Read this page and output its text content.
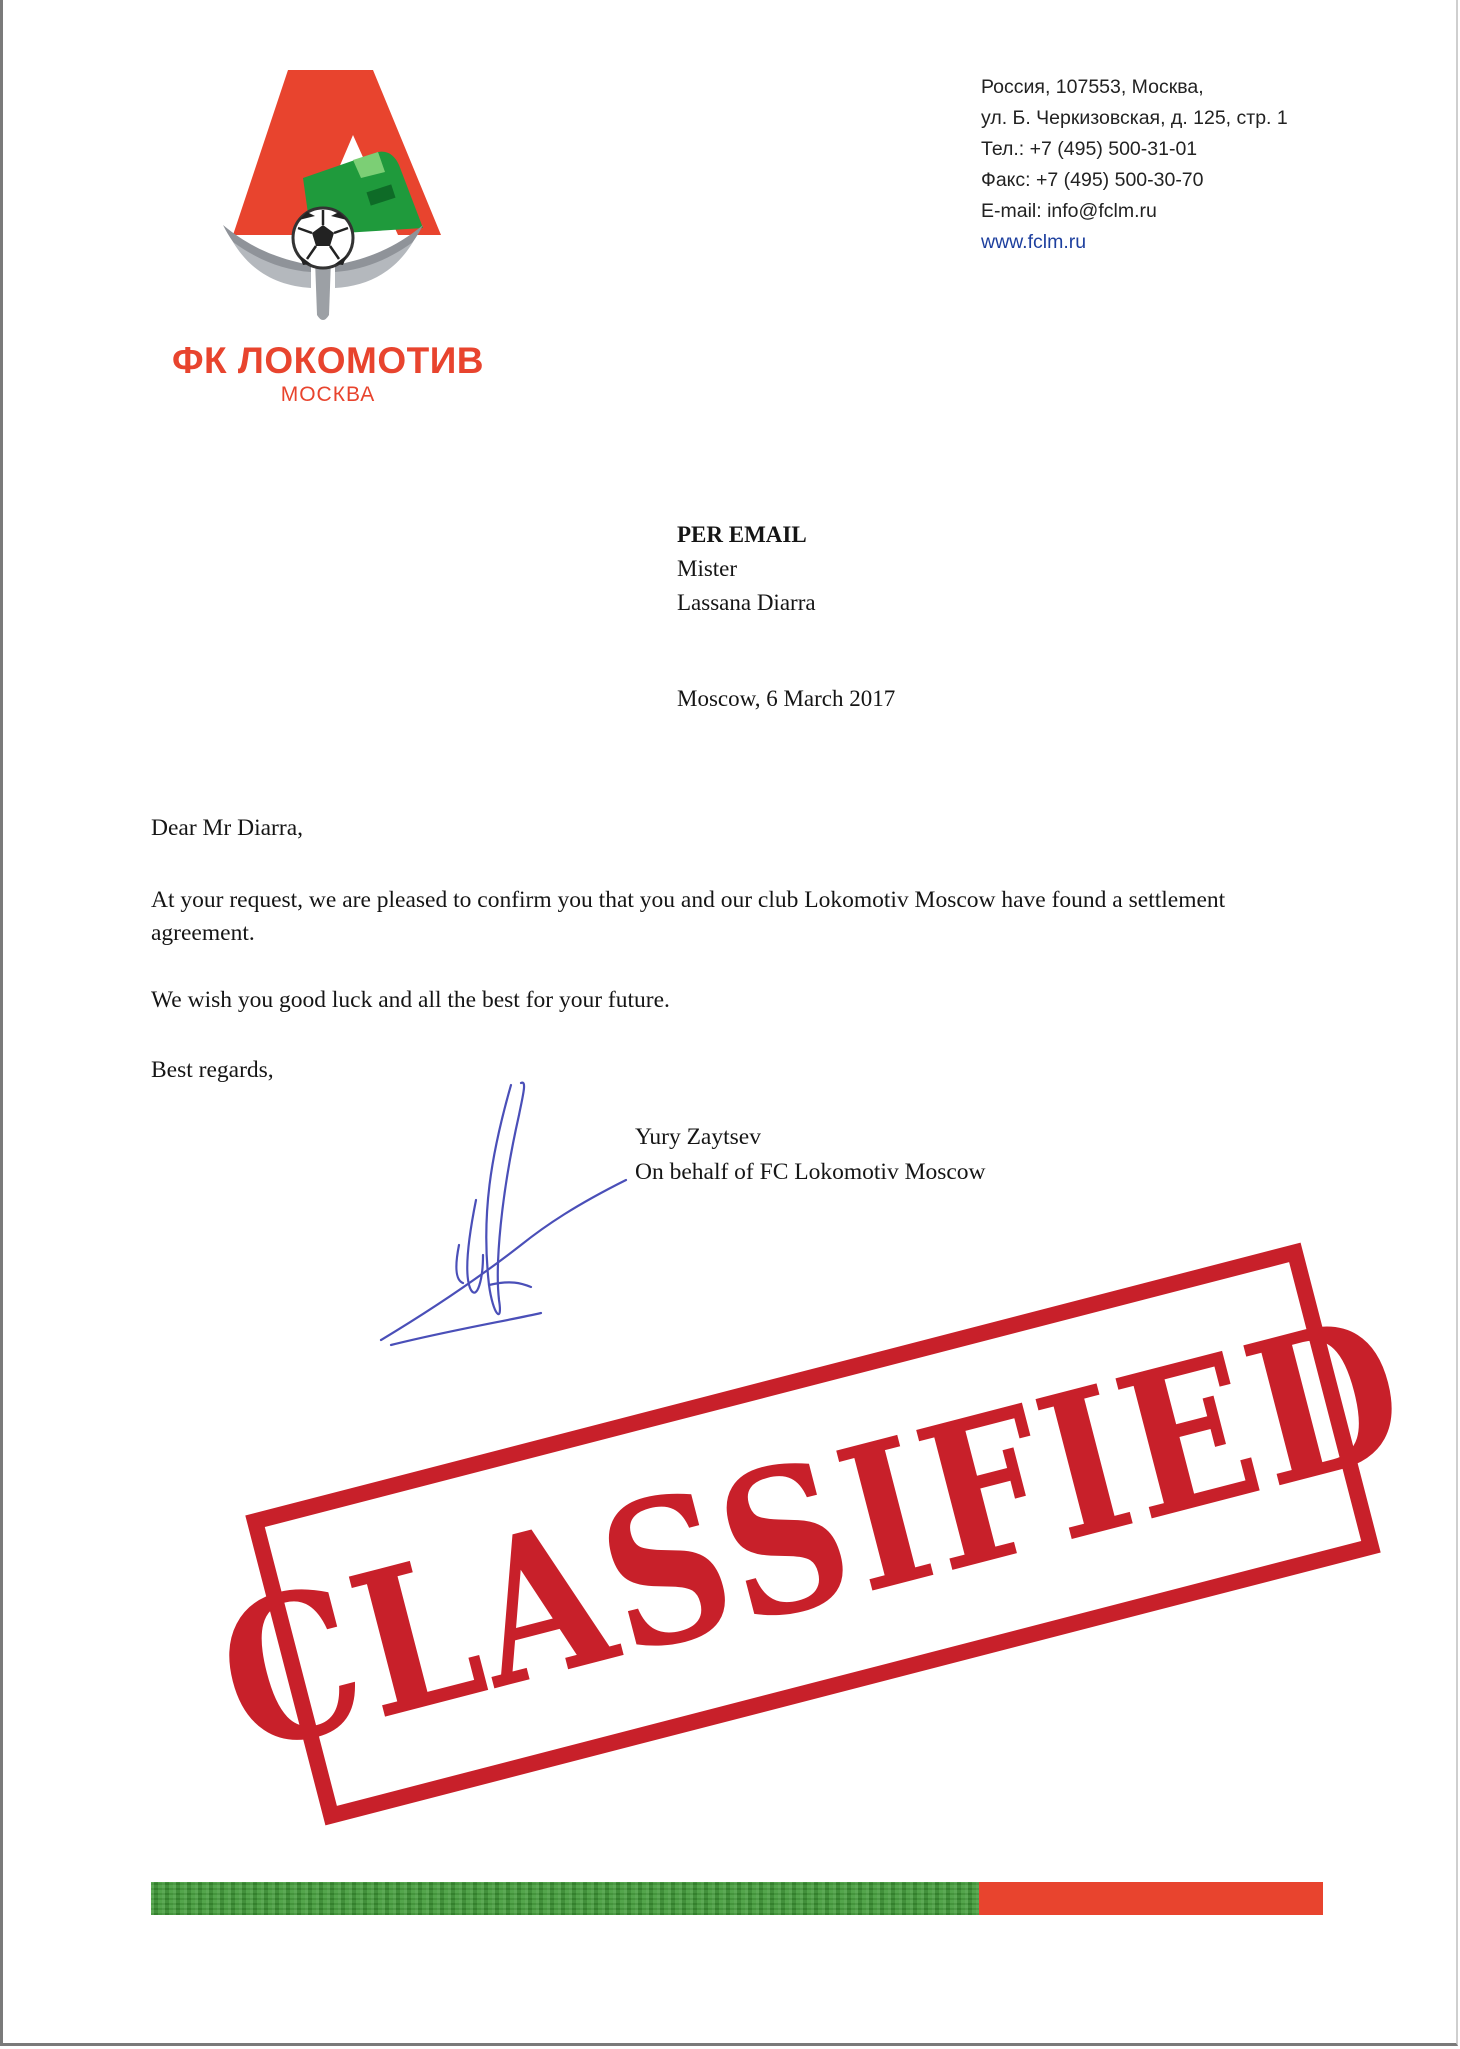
ФК ЛОКОМОТИВ
МОСКВА
Россия, 107553, Москва,
ул. Б. Черкизовская, д. 125, стр. 1
Тел.: +7 (495) 500-31-01
Факс: +7 (495) 500-30-70
E-mail: info@fclm.ru
www.fclm.ru
PER EMAIL
Mister
Lassana Diarra
Moscow, 6 March 2017

Dear Mr Diarra,

At your request, we are pleased to confirm you that you and our club Lokomotiv Moscow have found a settlement agreement.

We wish you good luck and all the best for your future.

Best regards,

Yury Zaytsev
On behalf of FC Lokomotiv Moscow
CLASSIFIED
